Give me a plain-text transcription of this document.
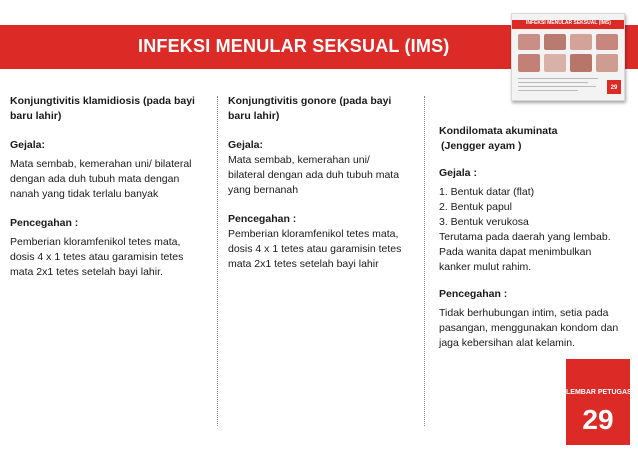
INFEKSI MENULAR SEKSUAL (IMS)
INFEKSI MENULAR SEKSUAL (IMS)
29

Konjungtivitis klamidiosis (pada bayi baru lahir)

Gejala:

Mata sembab, kemerahan uni/ bilateral dengan ada duh tubuh mata dengan nanah yang tidak terlalu banyak

Pencegahan :

Pemberian kloramfenikol tetes mata, dosis 4 x 1 tetes atau garamisin tetes mata 2x1 tetes setelah bayi lahir.

Konjungtivitis gonore (pada bayi baru lahir)

Gejala:

Mata sembab, kemerahan uni/ bilateral dengan ada duh tubuh mata yang bernanah

Pencegahan :

Pemberian kloramfenikol tetes mata, dosis 4 x 1 tetes atau garamisin tetes mata 2x1 tetes setelah bayi lahir

Kondilomata akuminata

(Jengger ayam )

Gejala :

1. Bentuk datar (flat)

2. Bentuk papul

3. Bentuk verukosa

Terutama pada daerah yang lembab. Pada wanita dapat menimbulkan kanker mulut rahim.

Pencegahan :

Tidak berhubungan intim, setia pada pasangan, menggunakan kondom dan jaga kebersihan alat kelamin.

LEMBAR PETUGAS
29
